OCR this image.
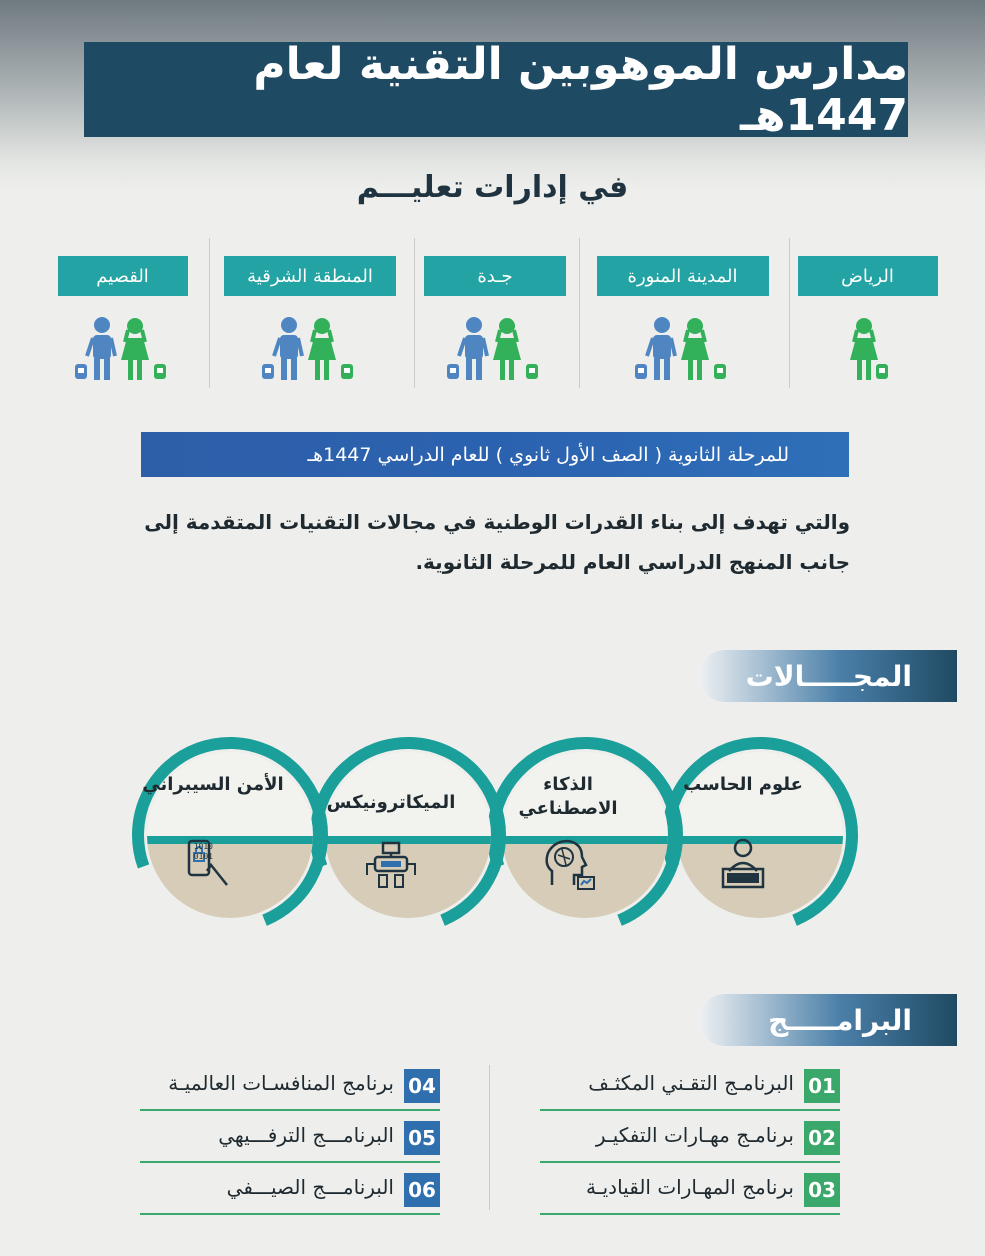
مدارس الموهوبين التقنية لعام 1447هـ
في إدارات تعليـــم
الرياض
المدينة المنورة
جـدة
المنطقة الشرقية
القصيم
للمرحلة الثانوية ( الصف الأول ثانوي ) للعام الدراسي 1447هـ
والتي تهدف إلى بناء القدرات الوطنية في مجالات التقنيات المتقدمة إلى جانب المنهج الدراسي العام للمرحلة الثانوية.
المجـــــالات
علوم الحاسب
الذكاء الاصطناعي
الميكاترونيكس
الأمن السيبراني
1010
0101
البرامـــــج
01
البرنامـج التقـني المكثـف
02
برنامـج مهـارات التفكيـر
03
برنامج المهـارات القياديـة
04
برنامج المنافسـات العالميـة
05
البرنامـــج الترفـــيهي
06
البرنامـــج الصيـــفي
